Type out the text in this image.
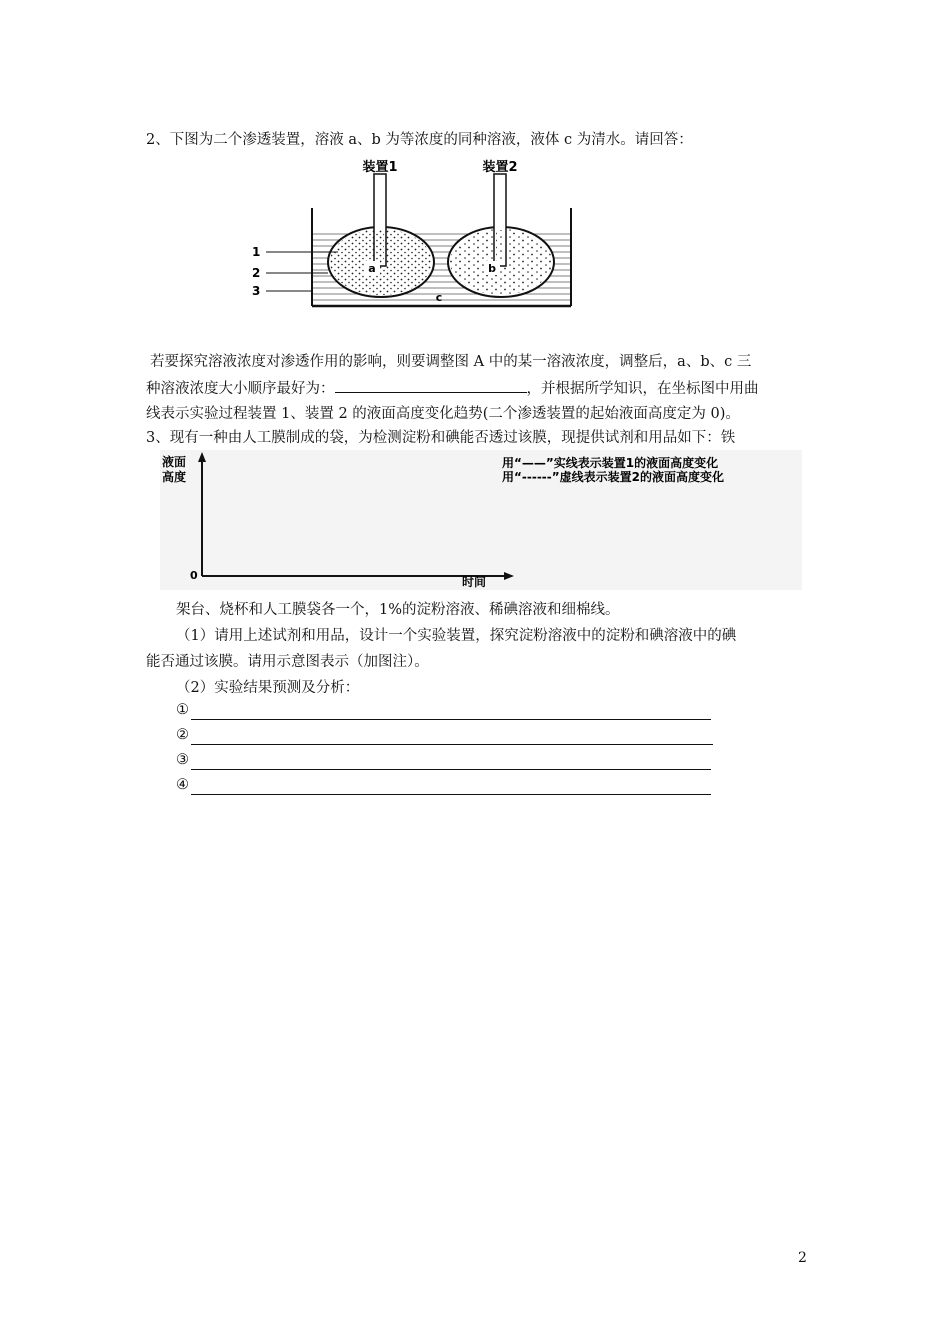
2、下图为二个渗透装置，溶液 a、b 为等浓度的同种溶液，液体 c 为清水。请回答：
a	b
c
装置1	装置2
1
2
3
若要探究溶液浓度对渗透作用的影响，则要调整图 A 中的某一溶液浓度，调整后，a、b、c 三
种溶液浓度大小顺序最好为：	，并根据所学知识，在坐标图中用曲
线表示实验过程装置 1、装置 2 的液面高度变化趋势(二个渗透装置的起始液面高度定为 0)。
3、现有一种由人工膜制成的袋，为检测淀粉和碘能否透过该膜，现提供试剂和用品如下：铁
液面
高度
0	时间
用“——”实线表示装置1的液面高度变化
用“------”虚线表示装置2的液面高度变化
架台、烧杯和人工膜袋各一个，1%的淀粉溶液、稀碘溶液和细棉线。
（1）请用上述试剂和用品，设计一个实验装置，探究淀粉溶液中的淀粉和碘溶液中的碘
能否通过该膜。请用示意图表示（加图注）。
（2）实验结果预测及分析：
①
②
③
④
2
